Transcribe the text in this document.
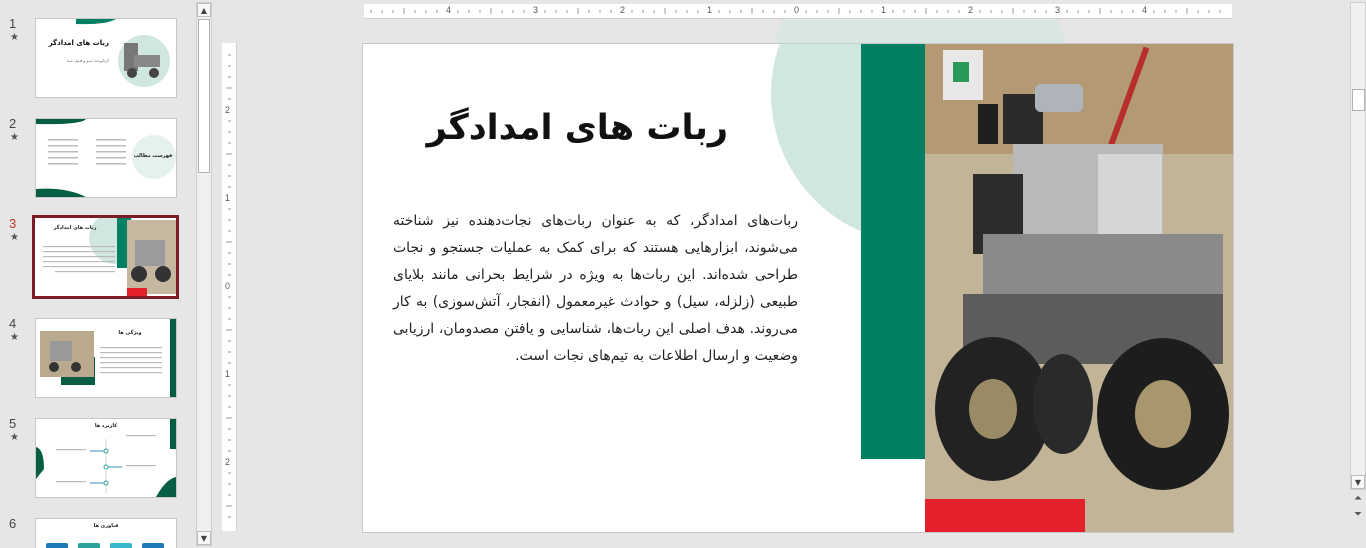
1
★	ربات های امدادگر
گردآورنده: اسم و فامیل شما
2
★
فهرست مطالب
3
★
ربات های امدادگر
4
★	ویژگی ها
5
★
کاربرد ها
6	فناوری ها
▲
▼
4	3	2	1	0	1	2	3	4
2
1
0
1
2
ربات های امدادگر
ربات‌های امدادگر، که به عنوان ربات‌های نجات‌دهنده نیز شناخته می‌شوند، ابزارهایی هستند که برای کمک به عملیات جستجو و نجات طراحی شده‌اند. این ربات‌ها به ویژه در شرایط بحرانی مانند بلایای طبیعی (زلزله، سیل) و حوادث غیرمعمول (انفجار، آتش‌سوزی) به کار می‌روند. هدف اصلی این ربات‌ها، شناسایی و یافتن مصدومان، ارزیابی وضعیت و ارسال اطلاعات به تیم‌های نجات است.
▼
⏶
⏷
